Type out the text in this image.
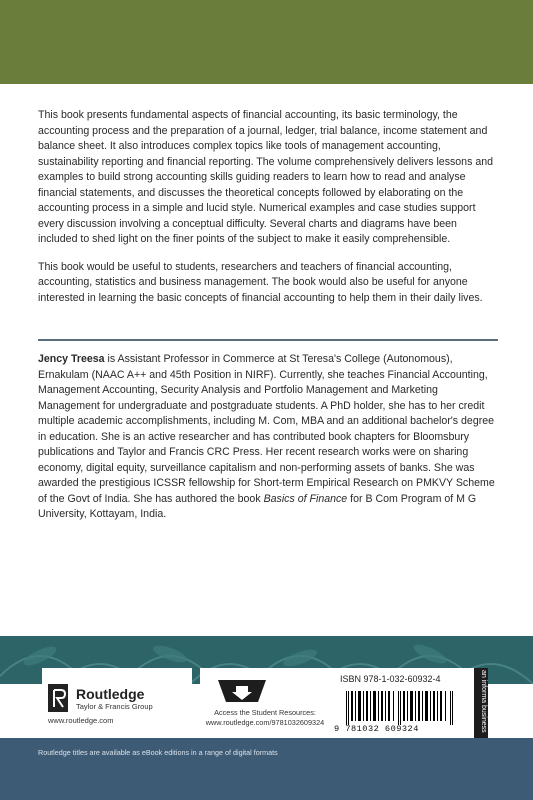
This book presents fundamental aspects of financial accounting, its basic terminology, the accounting process and the preparation of a journal, ledger, trial balance, income statement and balance sheet. It also introduces complex topics like tools of management accounting, sustainability reporting and financial reporting. The volume comprehensively delivers lessons and examples to build strong accounting skills guiding readers to learn how to read and analyse financial statements, and discusses the theoretical concepts followed by elaborating on the accounting process in a simple and lucid style. Numerical examples and case studies support every discussion involving a conceptual difficulty. Several charts and diagrams have been included to shed light on the finer points of the subject to make it easily comprehensible.

This book would be useful to students, researchers and teachers of financial accounting, accounting, statistics and business management. The book would also be useful for anyone interested in learning the basic concepts of financial accounting to help them in their daily lives.

Jency Treesa is Assistant Professor in Commerce at St Teresa's College (Autonomous), Ernakulam (NAAC A++ and 45th Position in NIRF). Currently, she teaches Financial Accounting, Management Accounting, Security Analysis and Portfolio Management and Marketing Management for undergraduate and postgraduate students. A PhD holder, she has to her credit multiple academic accomplishments, including M. Com, MBA and an additional bachelor's degree in education. She is an active researcher and has contributed book chapters for Bloomsbury publications and Taylor and Francis CRC Press. Her recent research works were on sharing economy, digital equity, surveillance capitalism and non-performing assets of banks. She was awarded the prestigious ICSSR fellowship for Short-term Empirical Research on PMKVY Scheme of the Govt of India. She has authored the book Basics of Finance for B Com Program of M G University, Kottayam, India.

Routledge titles are available as eBook editions in a range of digital formats
Routledge
Taylor & Francis Group
www.routledge.com
Access the Student Resources:
www.routledge.com/9781032609324
ISBN 978-1-032-60932-4
9 781032 609324	an informa business
